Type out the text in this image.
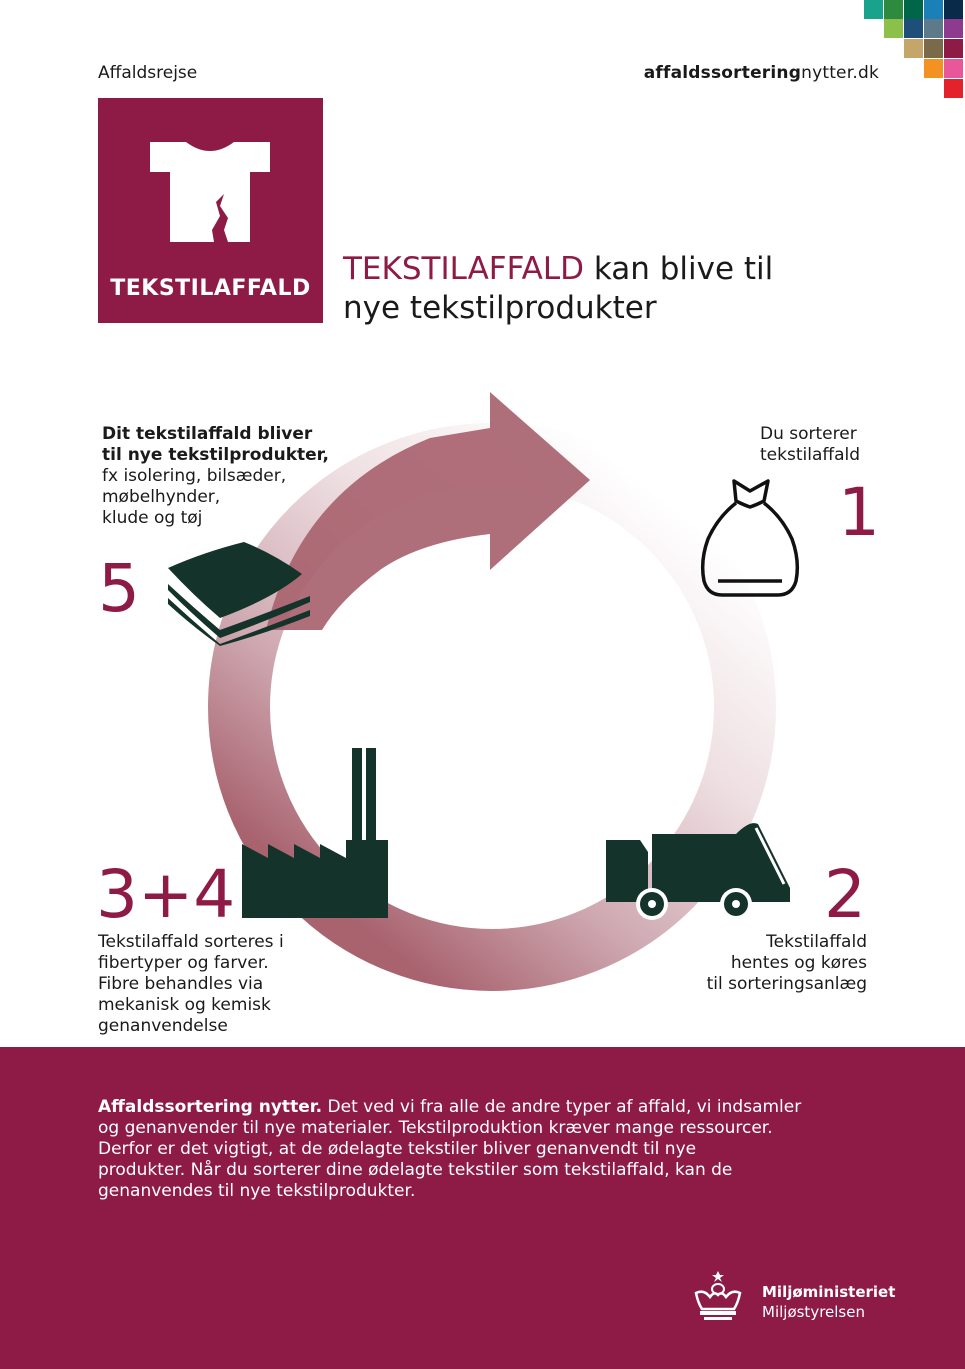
Affaldsrejse	affaldssorteringnytter.dk
TEKSTILAFFALD
TEKSTILAFFALD kan blive til
nye tekstilprodukter
Du sorterer
tekstilaffald
1
2
Tekstilaffald
hentes og køres
til sorteringsanlæg
3+4
Tekstilaffald sorteres i
fibertyper og farver.
Fibre behandles via
mekanisk og kemisk
genanvendelse
Dit tekstilaffald bliver
til nye tekstilprodukter,
fx isolering, bilsæder,
møbelhynder,
klude og tøj
5
Affaldssortering nytter. Det ved vi fra alle de andre typer af affald, vi indsamler
og genanvender til nye materialer. Tekstilproduktion kræver mange ressourcer.
Derfor er det vigtigt, at de ødelagte tekstiler bliver genanvendt til nye
produkter. Når du sorterer dine ødelagte tekstiler som tekstilaffald, kan de
genanvendes til nye tekstilprodukter.
Miljøministeriet
Miljøstyrelsen
